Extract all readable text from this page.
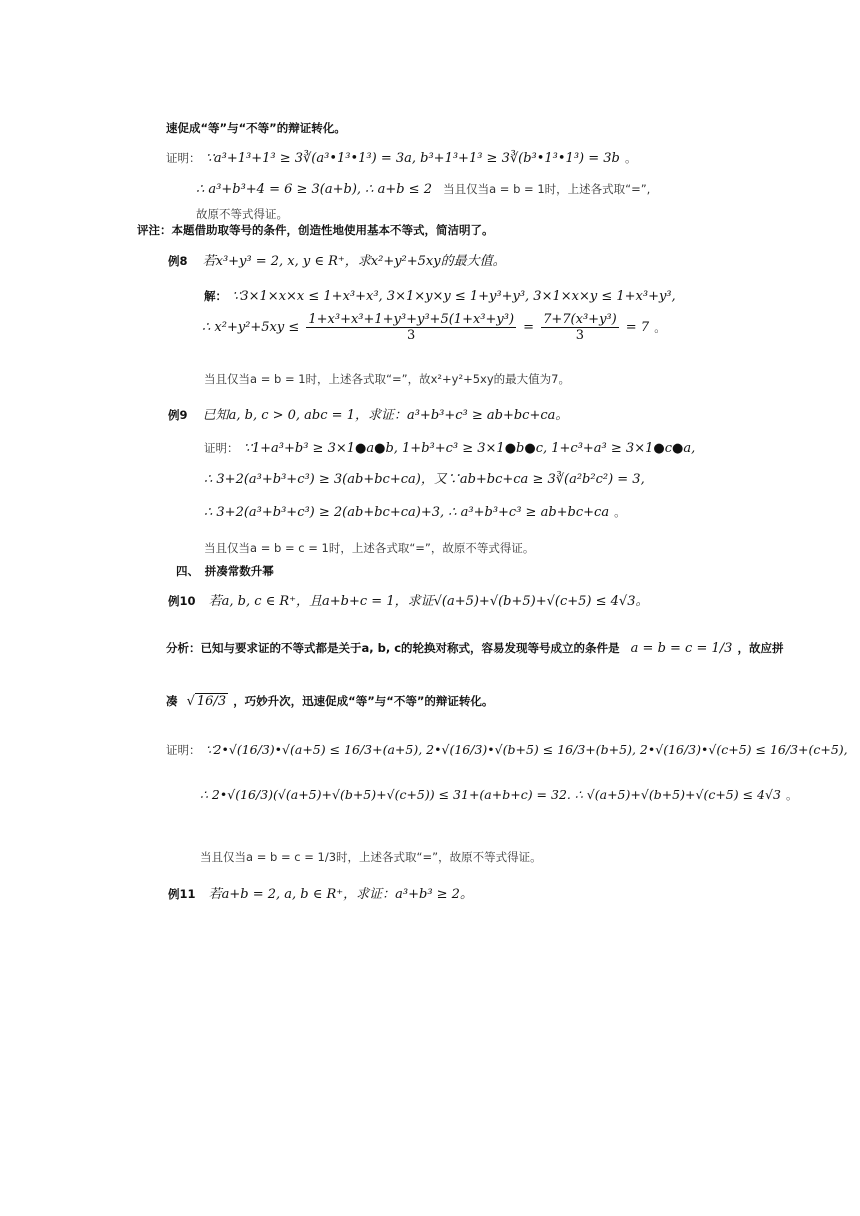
速促成“等”与“不等”的辩证转化。
证明： ∵a³+1³+1³ ≥ 3∛(a³•1³•1³) = 3a, b³+1³+1³ ≥ 3∛(b³•1³•1³) = 3b 。
∴ a³+b³+4 = 6 ≥ 3(a+b), ∴ a+b ≤ 2 当且仅当a = b = 1时，上述各式取“=”,
故原不等式得证。
评注：本题借助取等号的条件，创造性地使用基本不等式，简洁明了。
例8 若x³+y³ = 2, x, y ∈ R⁺，求x²+y²+5xy的最大值。
解： ∵3×1×x×x ≤ 1+x³+x³, 3×1×y×y ≤ 1+y³+y³, 3×1×x×y ≤ 1+x³+y³,
∴ $x^2+y^2+5xy \le \frac{\text{1+x³+x³+1+y³+y³+5(1+x³+y³)}}{3} = \frac{\text{7+7(x³+y³)}}{3} = 7$ 。
当且仅当a = b = 1时，上述各式取“=”，故x²+y²+5xy的最大值为7。
例9 已知a, b, c > 0, abc = 1，求证：a³+b³+c³ ≥ ab+bc+ca。
证明： ∵1+a³+b³ ≥ 3×1●a●b, 1+b³+c³ ≥ 3×1●b●c, 1+c³+a³ ≥ 3×1●c●a,
∴ 3+2(a³+b³+c³) ≥ 3(ab+bc+ca)，又∵ab+bc+ca ≥ 3∛(a²b²c²) = 3,
∴ 3+2(a³+b³+c³) ≥ 2(ab+bc+ca)+3, ∴ a³+b³+c³ ≥ ab+bc+ca 。
当且仅当a = b = c = 1时，上述各式取“=”，故原不等式得证。
四、　拼凑常数升幂
例10 若a, b, c ∈ R⁺，且a+b+c = 1，求证√(a+5)+√(b+5)+√(c+5) ≤ 4√3。
分析：已知与要求证的不等式都是关于a, b, c的轮换对称式，容易发现等号成立的条件是 a = b = c = 1/3 ，故应拼
凑 √ 16/3 ，巧妙升次，迅速促成“等”与“不等”的辩证转化。
证明： ∵2•√(16/3)•√(a+5) ≤ 16/3+(a+5), 2•√(16/3)•√(b+5) ≤ 16/3+(b+5), 2•√(16/3)•√(c+5) ≤ 16/3+(c+5),
∴ 2•√(16/3)(√(a+5)+√(b+5)+√(c+5)) ≤ 31+(a+b+c) = 32. ∴ √(a+5)+√(b+5)+√(c+5) ≤ 4√3 。
当且仅当a = b = c = 1/3时，上述各式取“=”，故原不等式得证。
例11 若a+b = 2, a, b ∈ R⁺，求证：a³+b³ ≥ 2。
